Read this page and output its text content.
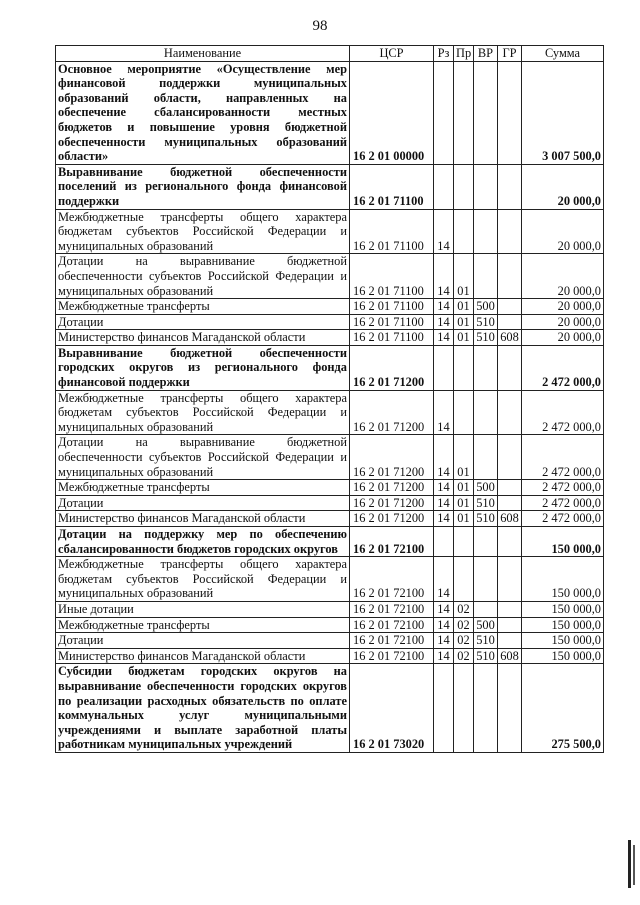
98
Наименование	ЦСР	Рз	Пр	ВР	ГР	Сумма
Основное мероприятие «Осуществление мер финансовой поддержки муниципальных образований области, направленных на обеспечение сбалансированности местных бюджетов и повышение уровня бюджетной обеспеченности муниципальных образований области»	16 2 01 00000					3 007 500,0
Выравнивание бюджетной обеспеченности поселений из регионального фонда финансовой поддержки	16 2 01 71100					20 000,0
Межбюджетные трансферты общего характера бюджетам субъектов Российской Федерации и муниципальных образований	16 2 01 71100	14				20 000,0
Дотации на выравнивание бюджетной обеспеченности субъектов Российской Федерации и муниципальных образований	16 2 01 71100	14	01			20 000,0
Межбюджетные трансферты	16 2 01 71100	14	01	500		20 000,0
Дотации	16 2 01 71100	14	01	510		20 000,0
Министерство финансов Магаданской области	16 2 01 71100	14	01	510	608	20 000,0
Выравнивание бюджетной обеспеченности городских округов из регионального фонда финансовой поддержки	16 2 01 71200					2 472 000,0
Межбюджетные трансферты общего характера бюджетам субъектов Российской Федерации и муниципальных образований	16 2 01 71200	14				2 472 000,0
Дотации на выравнивание бюджетной обеспеченности субъектов Российской Федерации и муниципальных образований	16 2 01 71200	14	01			2 472 000,0
Межбюджетные трансферты	16 2 01 71200	14	01	500		2 472 000,0
Дотации	16 2 01 71200	14	01	510		2 472 000,0
Министерство финансов Магаданской области	16 2 01 71200	14	01	510	608	2 472 000,0
Дотации на поддержку мер по обеспечению сбалансированности бюджетов городских округов	16 2 01 72100					150 000,0
Межбюджетные трансферты общего характера бюджетам субъектов Российской Федерации и муниципальных образований	16 2 01 72100	14				150 000,0
Иные дотации	16 2 01 72100	14	02			150 000,0
Межбюджетные трансферты	16 2 01 72100	14	02	500		150 000,0
Дотации	16 2 01 72100	14	02	510		150 000,0
Министерство финансов Магаданской области	16 2 01 72100	14	02	510	608	150 000,0
Субсидии бюджетам городских округов на выравнивание обеспеченности городских округов по реализации расходных обязательств по оплате коммунальных услуг муниципальными учреждениями и выплате заработной платы работникам муниципальных учреждений	16 2 01 73020					275 500,0
